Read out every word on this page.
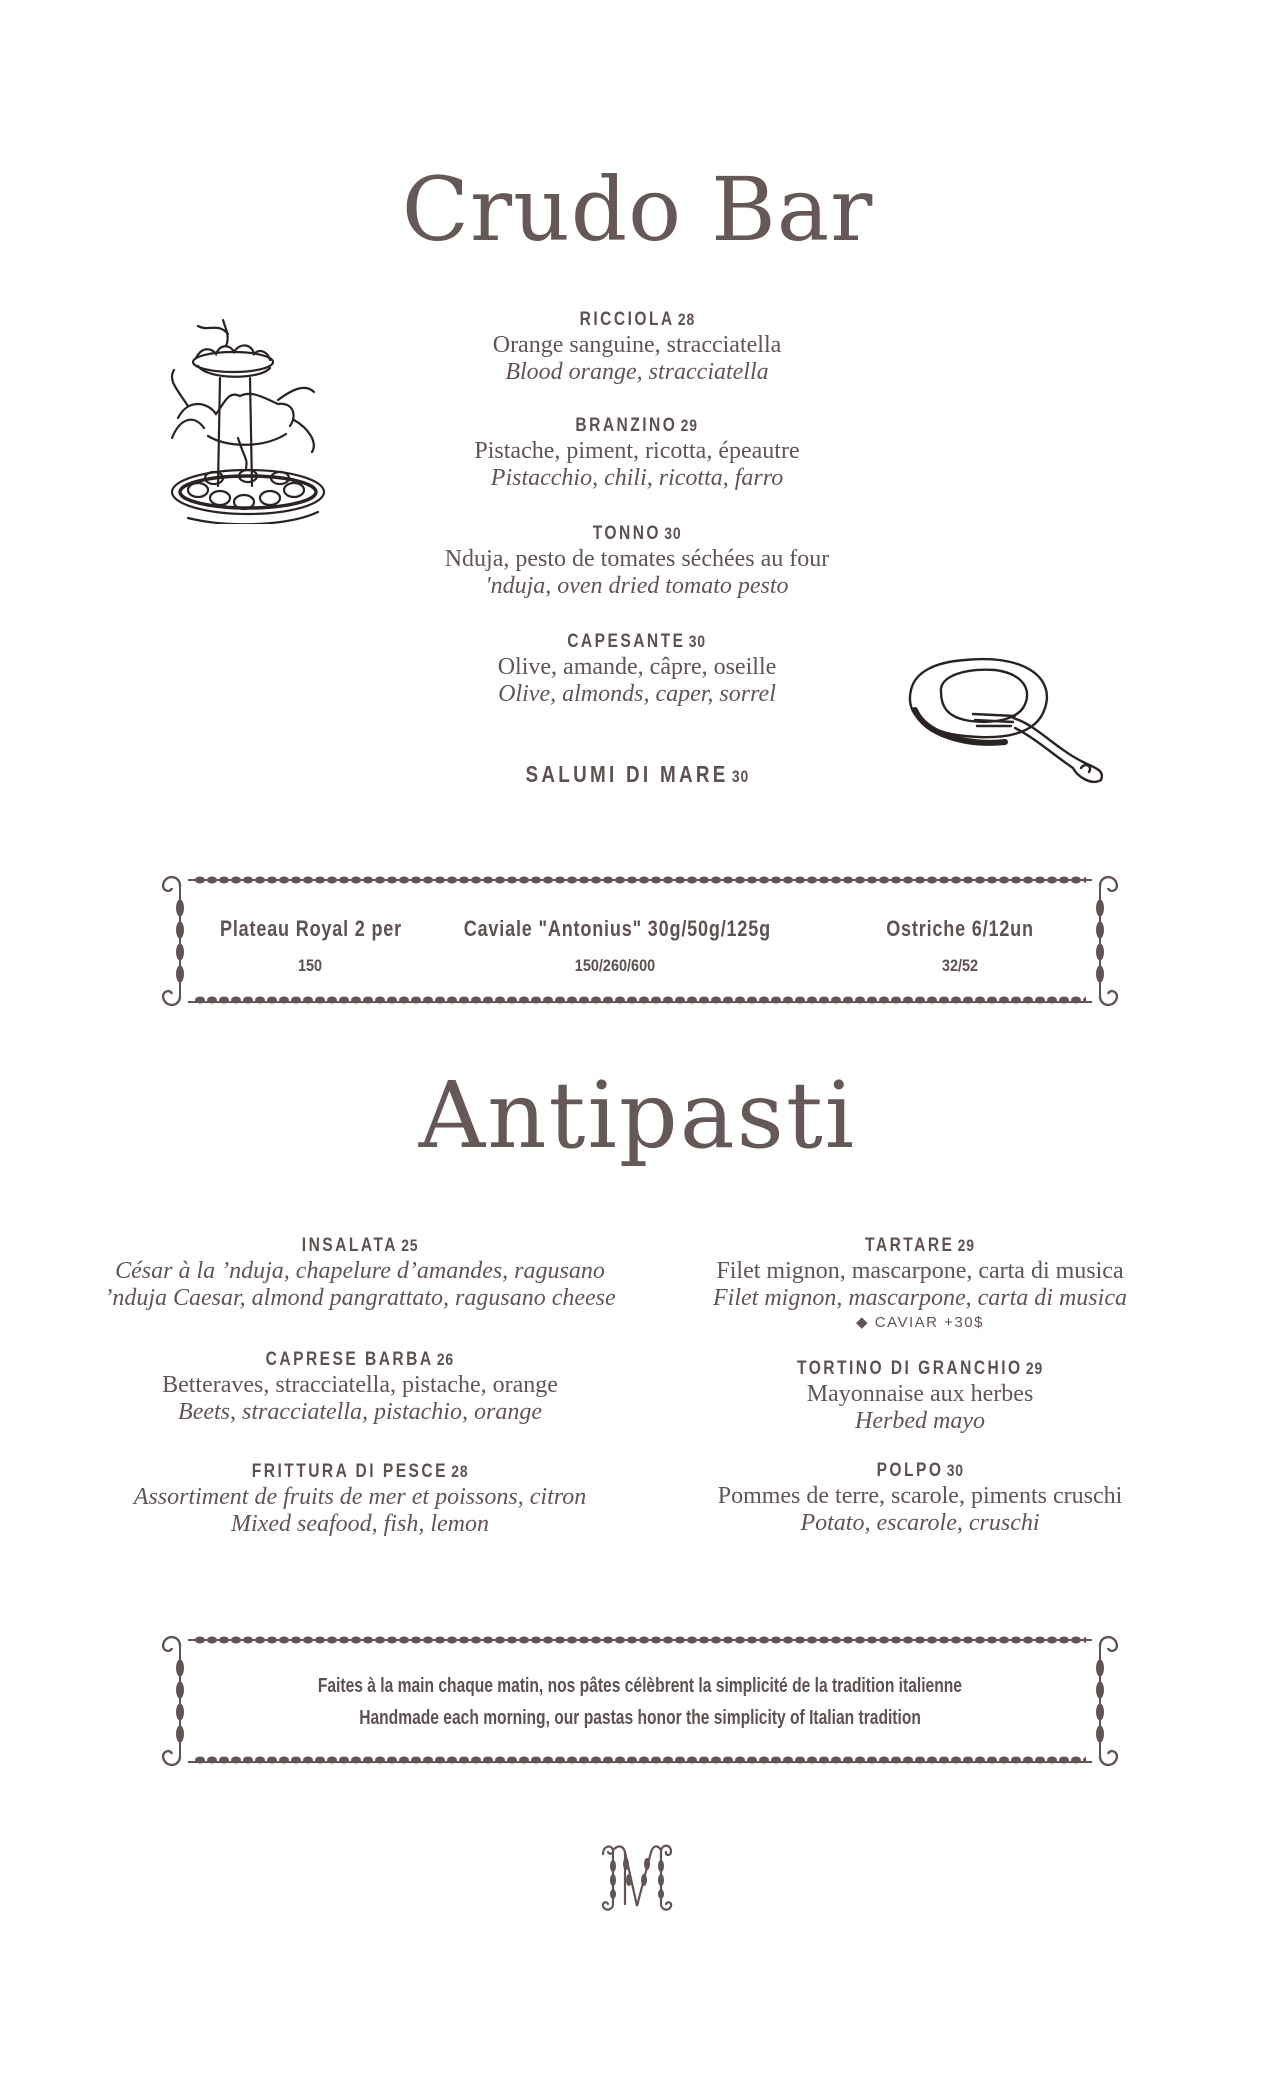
Crudo Bar
RICCIOLA 28
Orange sanguine, stracciatella
Blood orange, stracciatella
BRANZINO 29
Pistache, piment, ricotta, épeautre
Pistacchio, chili, ricotta, farro
TONNO 30
Nduja, pesto de tomates séchées au four
'nduja, oven dried tomato pesto
CAPESANTE 30
Olive, amande, câpre, oseille
Olive, almonds, caper, sorrel
SALUMI DI MARE 30
Plateau Royal 2 per
150
Caviale "Antonius" 30g/50g/125g
150/260/600
Ostriche 6/12un
32/52
Antipasti
INSALATA 25
César à la ’nduja, chapelure d’amandes, ragusano
’nduja Caesar, almond pangrattato, ragusano cheese
CAPRESE BARBA 26
Betteraves, stracciatella, pistache, orange
Beets, stracciatella, pistachio, orange
FRITTURA DI PESCE 28
Assortiment de fruits de mer et poissons, citron
Mixed seafood, fish, lemon
TARTARE 29
Filet mignon, mascarpone, carta di musica
Filet mignon, mascarpone, carta di musica
◆ CAVIAR +30$
TORTINO DI GRANCHIO 29
Mayonnaise aux herbes
Herbed mayo
POLPO 30
Pommes de terre, scarole, piments cruschi
Potato, escarole, cruschi
Faites à la main chaque matin, nos pâtes célèbrent la simplicité de la tradition italienne
Handmade each morning, our pastas honor the simplicity of Italian tradition
